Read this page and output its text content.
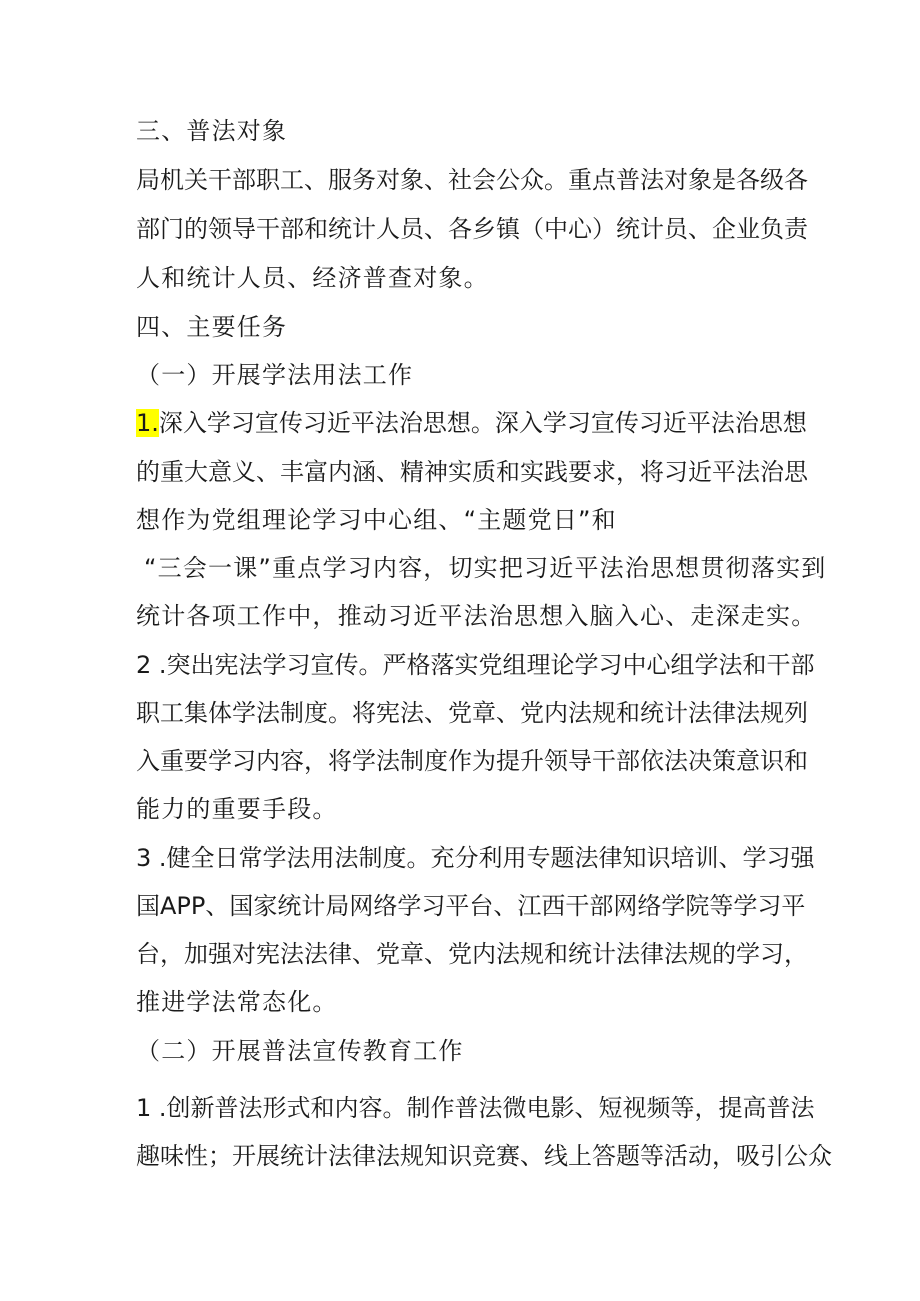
三、普法对象
局机关干部职工、服务对象、社会公众。重点普法对象是各级各
部门的领导干部和统计人员、各乡镇（中心）统计员、企业负责
人和统计人员、经济普查对象。
四、主要任务
（一）开展学法用法工作
1.深入学习宣传习近平法治思想。深入学习宣传习近平法治思想
的重大意义、丰富内涵、精神实质和实践要求，将习近平法治思
想作为党组理论学习中心组、“主题党日”和
“三会一课”重点学习内容，切实把习近平法治思想贯彻落实到
统计各项工作中，推动习近平法治思想入脑入心、走深走实。
2 .突出宪法学习宣传。严格落实党组理论学习中心组学法和干部
职工集体学法制度。将宪法、党章、党内法规和统计法律法规列
入重要学习内容，将学法制度作为提升领导干部依法决策意识和
能力的重要手段。
3 .健全日常学法用法制度。充分利用专题法律知识培训、学习强
国APP、国家统计局网络学习平台、江西干部网络学院等学习平
台，加强对宪法法律、党章、党内法规和统计法律法规的学习，
推进学法常态化。
（二）开展普法宣传教育工作
1 .创新普法形式和内容。制作普法微电影、短视频等，提高普法
趣味性；开展统计法律法规知识竞赛、线上答题等活动，吸引公众
